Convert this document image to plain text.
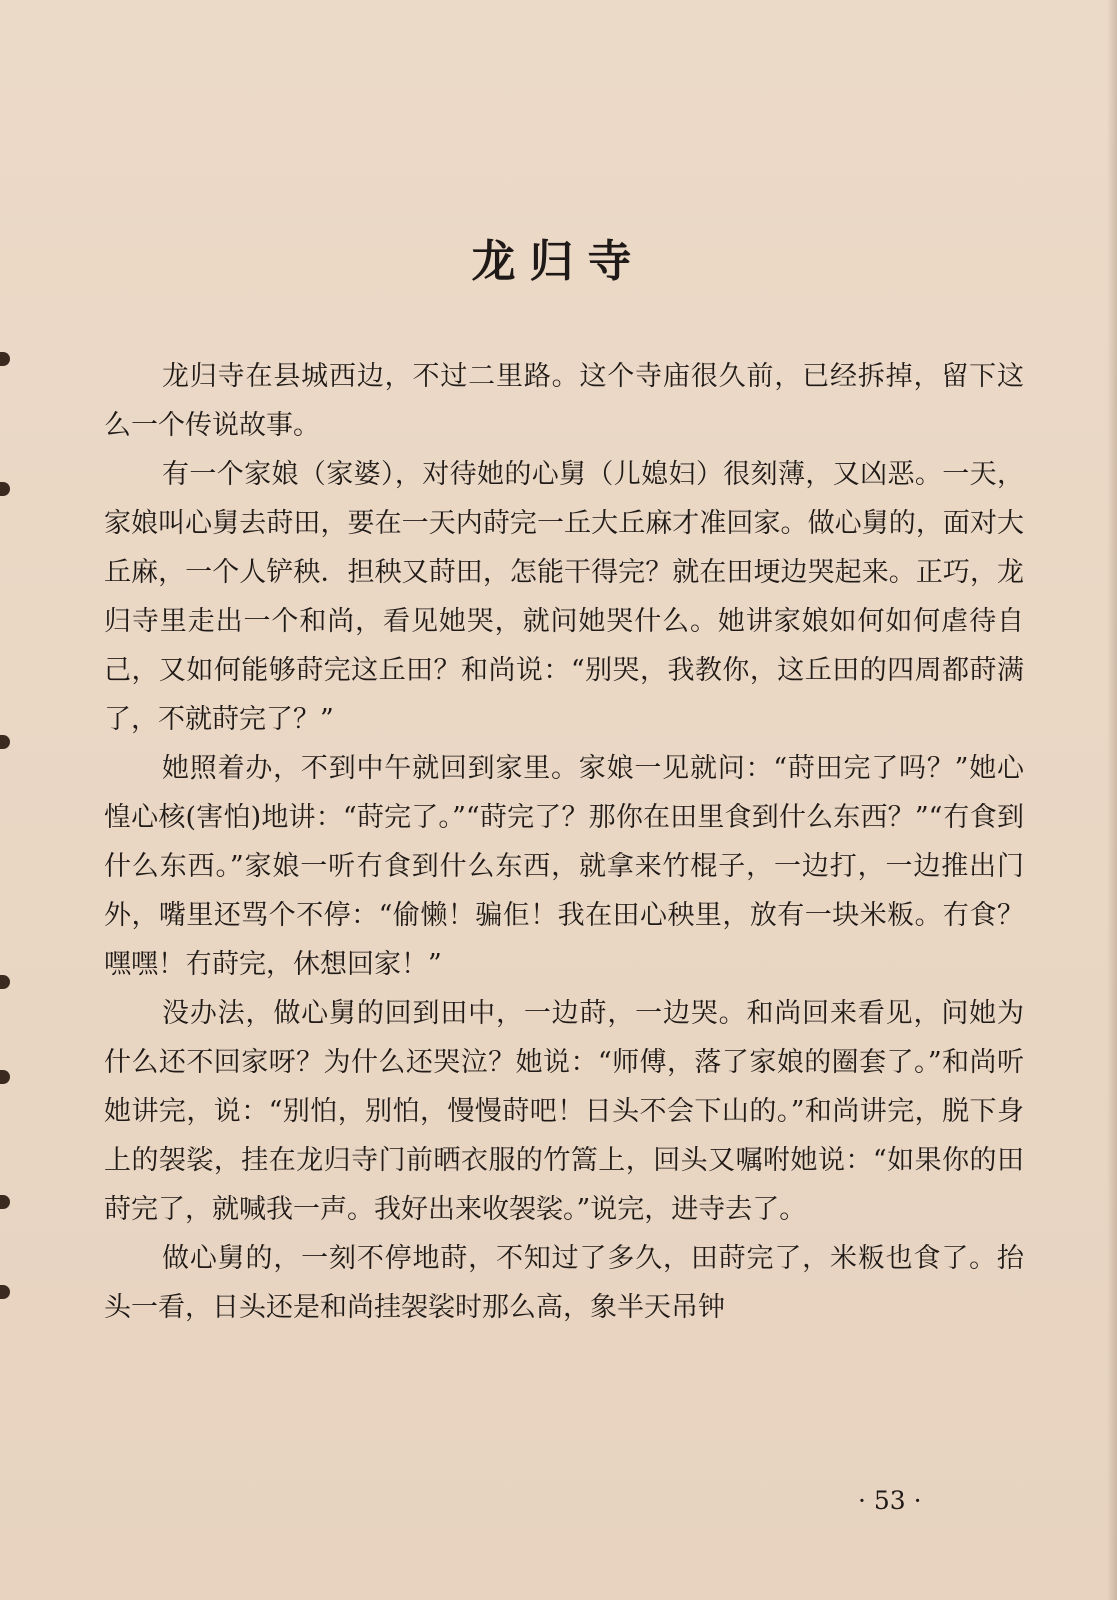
龙归寺

龙归寺在县城西边，不过二里路。这个寺庙很久前，已经拆掉，留下这么一个传说故事。

有一个家娘（家婆），对待她的心舅（儿媳妇）很刻薄，又凶恶。一天，家娘叫心舅去莳田，要在一天内莳完一丘大丘麻才准回家。做心舅的，面对大丘麻，一个人铲秧．担秧又莳田，怎能干得完？就在田埂边哭起来。正巧，龙归寺里走出一个和尚，看见她哭，就问她哭什么。她讲家娘如何如何虐待自己，又如何能够莳完这丘田？和尚说：“别哭，我教你，这丘田的四周都莳满了，不就莳完了？”

她照着办，不到中午就回到家里。家娘一见就问：“莳田完了吗？”她心惶心核(害怕)地讲：“莳完了。”“莳完了？那你在田里食到什么东西？”“冇食到什么东西。”家娘一听冇食到什么东西，就拿来竹棍子，一边打，一边推出门外，嘴里还骂个不停：“偷懒！骗佢！我在田心秧里，放有一块米粄。冇食？嘿嘿！冇莳完，休想回家！”

没办法，做心舅的回到田中，一边莳，一边哭。和尚回来看见，问她为什么还不回家呀？为什么还哭泣？她说：“师傅，落了家娘的圈套了。”和尚听她讲完，说：“别怕，别怕，慢慢莳吧！日头不会下山的。”和尚讲完，脱下身上的袈裟，挂在龙归寺门前晒衣服的竹篙上，回头又嘱咐她说：“如果你的田莳完了，就喊我一声。我好出来收袈裟。”说完，进寺去了。

做心舅的，一刻不停地莳，不知过了多久，田莳完了，米粄也食了。抬头一看，日头还是和尚挂袈裟时那么高，象半天吊钟

· 53 ·
